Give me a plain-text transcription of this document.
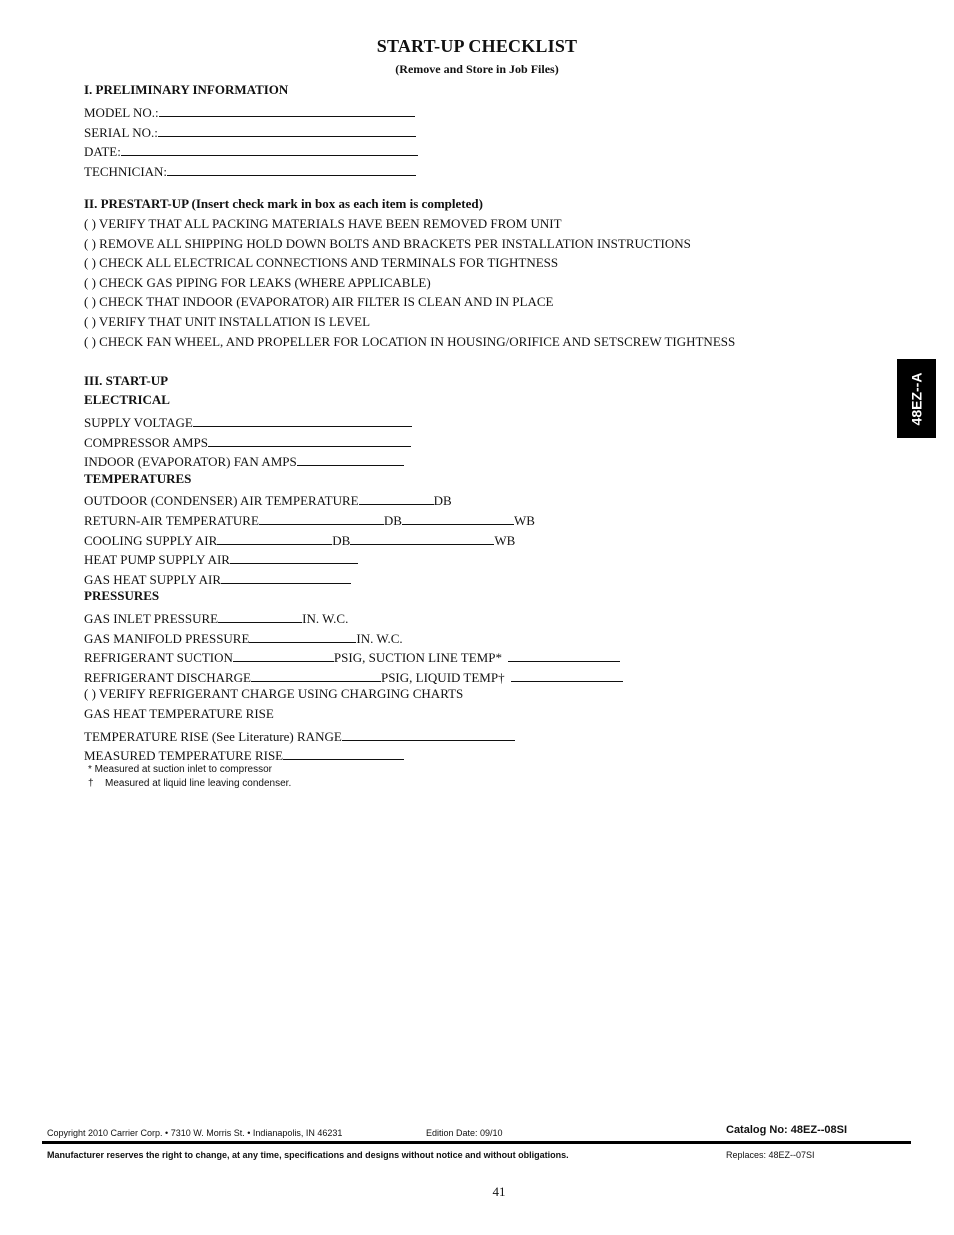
START-UP CHECKLIST
(Remove and Store in Job Files)
48EZ--A
I. PRELIMINARY INFORMATION
MODEL NO.:
SERIAL NO.:
DATE:
TECHNICIAN:
II. PRESTART-UP (Insert check mark in box as each item is completed)
( ) VERIFY THAT ALL PACKING MATERIALS HAVE BEEN REMOVED FROM UNIT
( ) REMOVE ALL SHIPPING HOLD DOWN BOLTS AND BRACKETS PER INSTALLATION INSTRUCTIONS
( ) CHECK ALL ELECTRICAL CONNECTIONS AND TERMINALS FOR TIGHTNESS
( ) CHECK GAS PIPING FOR LEAKS (WHERE APPLICABLE)
( ) CHECK THAT INDOOR (EVAPORATOR) AIR FILTER IS CLEAN AND IN PLACE
( ) VERIFY THAT UNIT INSTALLATION IS LEVEL
( ) CHECK FAN WHEEL, AND PROPELLER FOR LOCATION IN HOUSING/ORIFICE AND SETSCREW TIGHTNESS
III. START-UP
ELECTRICAL
SUPPLY VOLTAGE
COMPRESSOR AMPS
INDOOR (EVAPORATOR) FAN AMPS
TEMPERATURES
OUTDOOR (CONDENSER) AIR TEMPERATURE	DB
RETURN-AIR TEMPERATURE	DB	WB
COOLING SUPPLY AIR	DB	WB
HEAT PUMP SUPPLY AIR
GAS HEAT SUPPLY AIR
PRESSURES
GAS INLET PRESSURE	IN. W.C.
GAS MANIFOLD PRESSURE	IN. W.C.
REFRIGERANT SUCTION	PSIG, SUCTION LINE TEMP*
REFRIGERANT DISCHARGE	PSIG, LIQUID TEMP†
( ) VERIFY REFRIGERANT CHARGE USING CHARGING CHARTS
GAS HEAT TEMPERATURE RISE
TEMPERATURE RISE (See Literature) RANGE
MEASURED TEMPERATURE RISE
* Measured at suction inlet to compressor
† Measured at liquid line leaving condenser.
Copyright 2010 Carrier Corp. • 7310 W. Morris St. • Indianapolis, IN 46231	Edition Date: 09/10	Catalog No: 48EZ--08SI
Manufacturer reserves the right to change, at any time, specifications and designs without notice and without obligations.	Replaces: 48EZ--07SI
41
